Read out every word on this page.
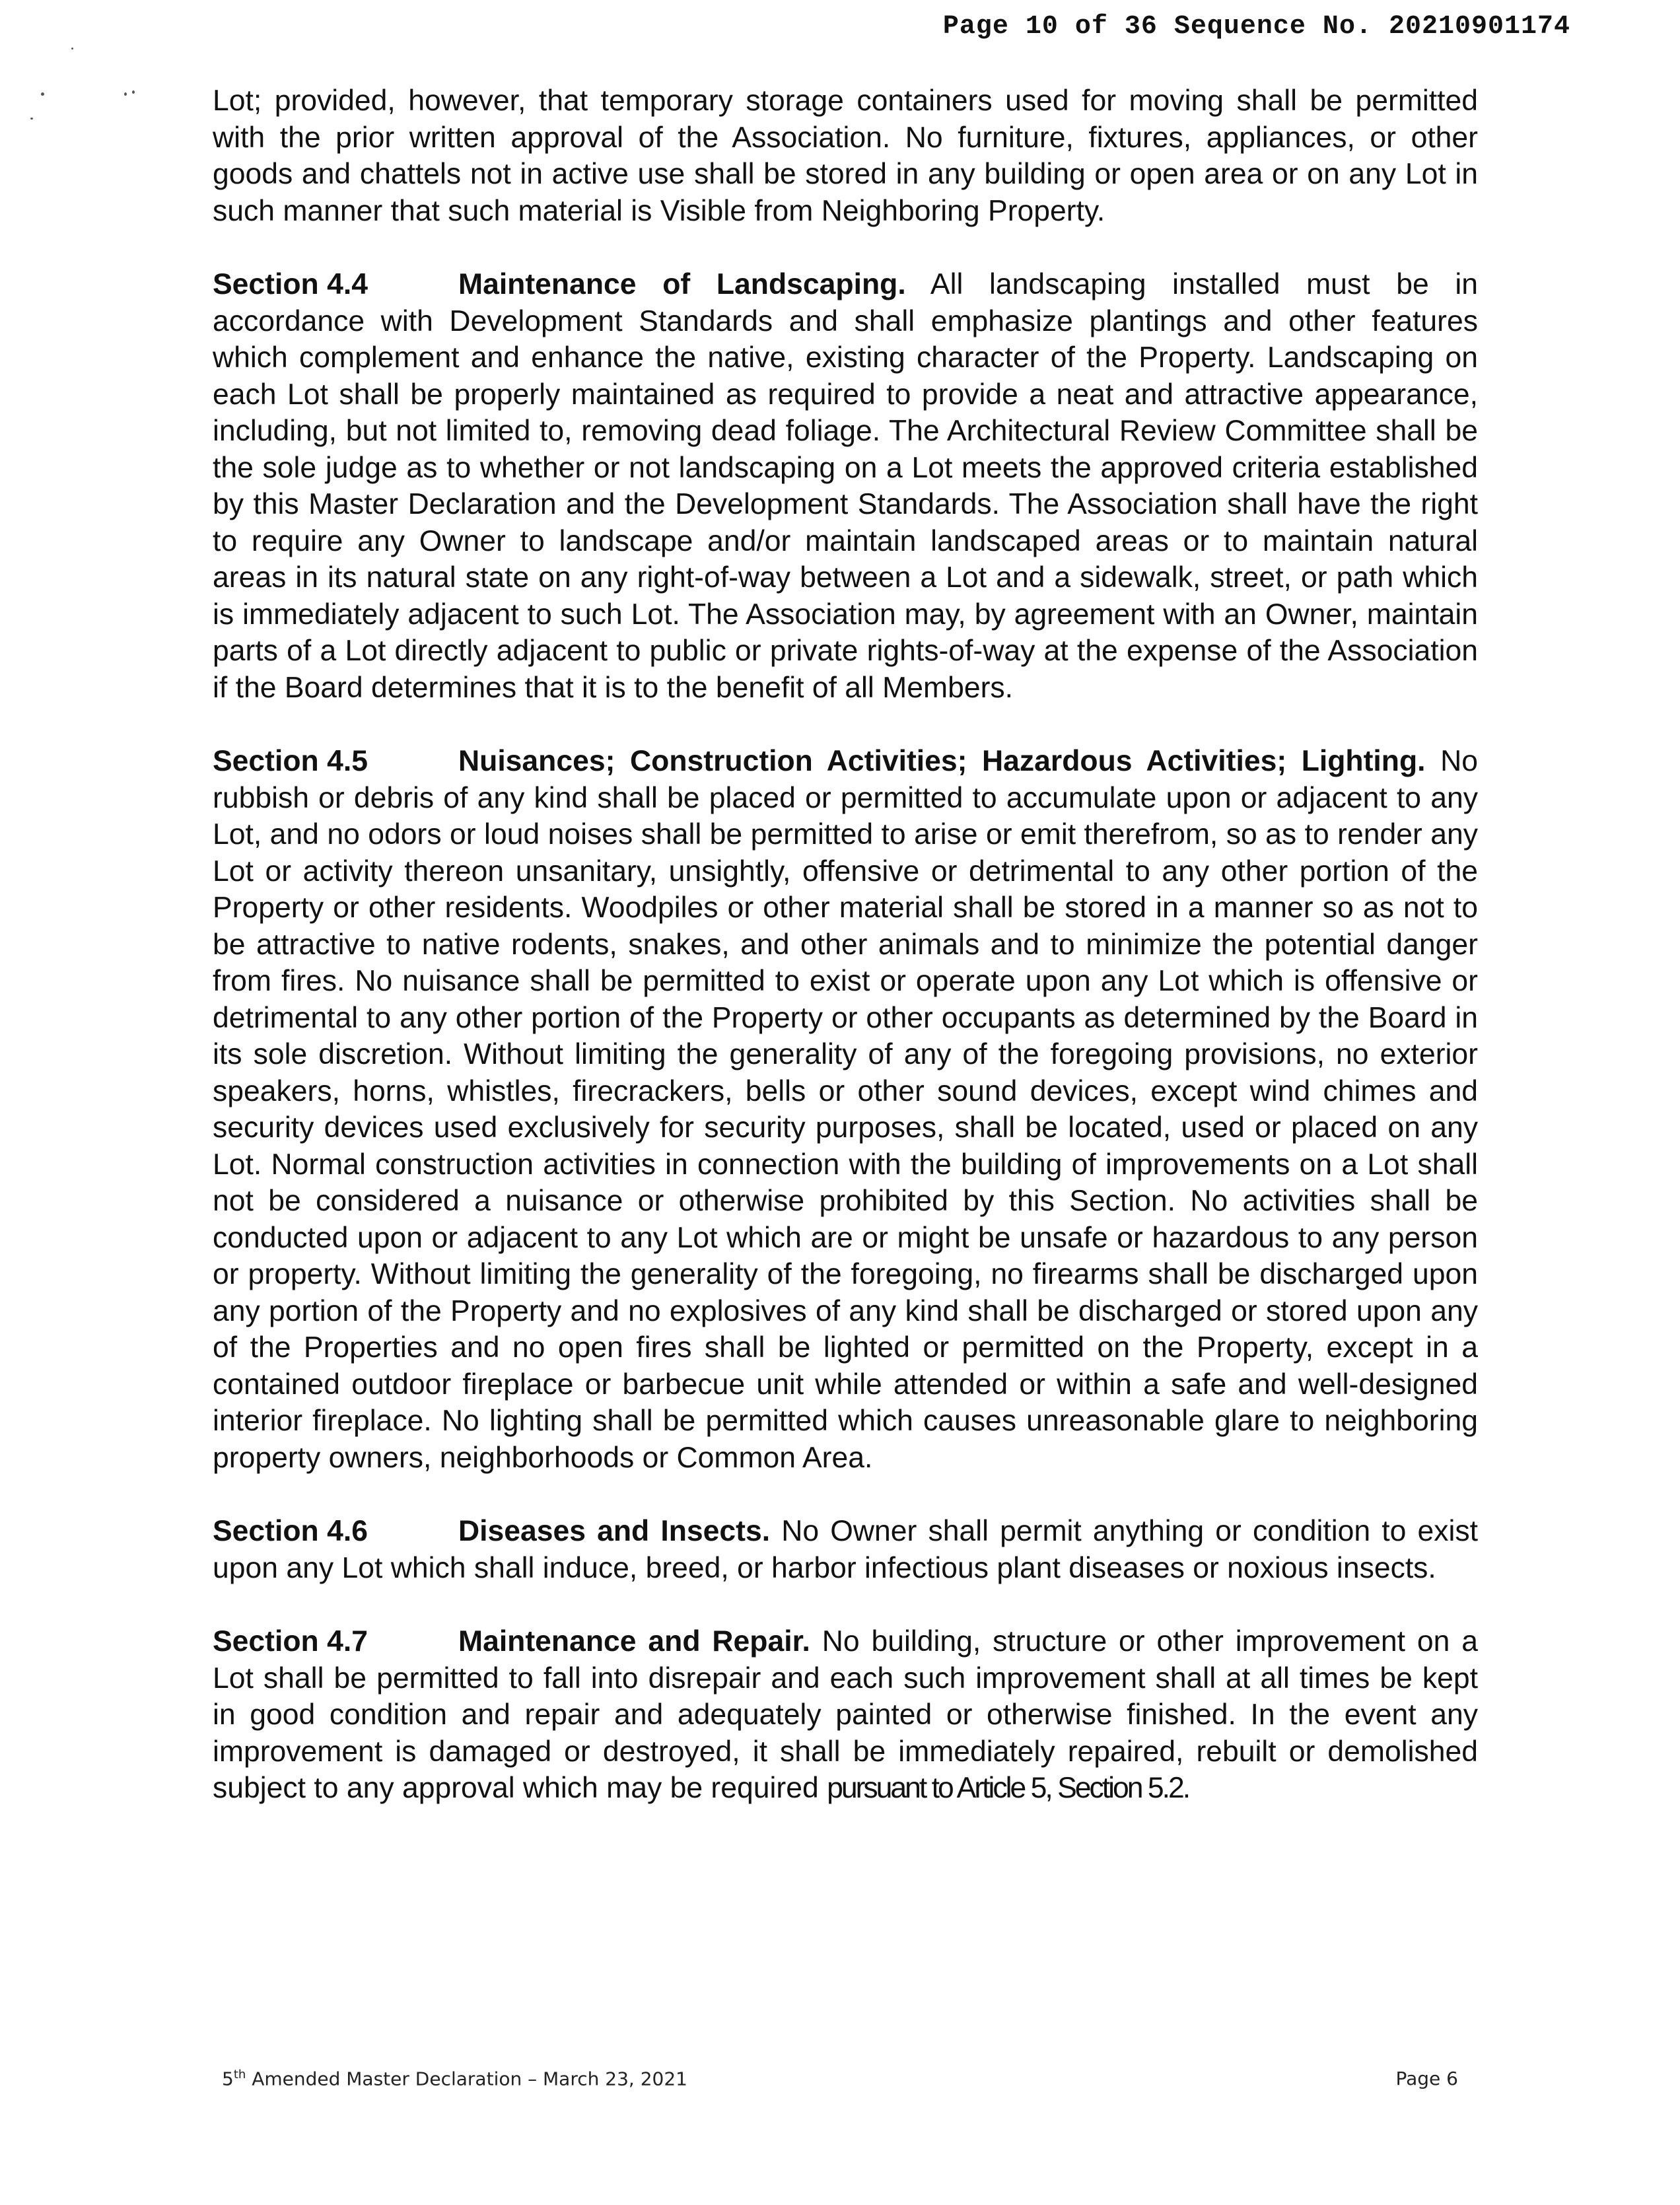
Page 10 of 36 Sequence No. 20210901174

Lot; provided, however, that temporary storage containers used for moving shall be permitted with the prior written approval of the Association. No furniture, fixtures, appliances, or other goods and chattels not in active use shall be stored in any building or open area or on any Lot in such manner that such material is Visible from Neighboring Property.

Section 4.4	Maintenance of Landscaping. All landscaping installed must be in accordance with Development Standards and shall emphasize plantings and other features which complement and enhance the native, existing character of the Property. Landscaping on each Lot shall be properly maintained as required to provide a neat and attractive appearance, including, but not limited to, removing dead foliage. The Architectural Review Committee shall be the sole judge as to whether or not landscaping on a Lot meets the approved criteria established by this Master Declaration and the Development Standards. The Association shall have the right to require any Owner to landscape and/or maintain landscaped areas or to maintain natural areas in its natural state on any right-of-way between a Lot and a sidewalk, street, or path which is immediately adjacent to such Lot. The Association may, by agreement with an Owner, maintain parts of a Lot directly adjacent to public or private rights-of-way at the expense of the Association if the Board determines that it is to the benefit of all Members.

Section 4.5	Nuisances; Construction Activities; Hazardous Activities; Lighting. No rubbish or debris of any kind shall be placed or permitted to accumulate upon or adjacent to any Lot, and no odors or loud noises shall be permitted to arise or emit therefrom, so as to render any Lot or activity thereon unsanitary, unsightly, offensive or detrimental to any other portion of the Property or other residents. Woodpiles or other material shall be stored in a manner so as not to be attractive to native rodents, snakes, and other animals and to minimize the potential danger from fires. No nuisance shall be permitted to exist or operate upon any Lot which is offensive or detrimental to any other portion of the Property or other occupants as determined by the Board in its sole discretion. Without limiting the generality of any of the foregoing provisions, no exterior speakers, horns, whistles, firecrackers, bells or other sound devices, except wind chimes and security devices used exclusively for security purposes, shall be located, used or placed on any Lot. Normal construction activities in connection with the building of improvements on a Lot shall not be considered a nuisance or otherwise prohibited by this Section. No activities shall be conducted upon or adjacent to any Lot which are or might be unsafe or hazardous to any person or property. Without limiting the generality of the foregoing, no firearms shall be discharged upon any portion of the Property and no explosives of any kind shall be discharged or stored upon any of the Properties and no open fires shall be lighted or permitted on the Property, except in a contained outdoor fireplace or barbecue unit while attended or within a safe and well-designed interior fireplace. No lighting shall be permitted which causes unreasonable glare to neighboring property owners, neighborhoods or Common Area.

Section 4.6	Diseases and Insects. No Owner shall permit anything or condition to exist upon any Lot which shall induce, breed, or harbor infectious plant diseases or noxious insects.

Section 4.7	Maintenance and Repair. No building, structure or other improvement on a Lot shall be permitted to fall into disrepair and each such improvement shall at all times be kept in good condition and repair and adequately painted or otherwise finished. In the event any improvement is damaged or destroyed, it shall be immediately repaired, rebuilt or demolished subject to any approval which may be required pursuant to Article 5, Section 5.2.

5th Amended Master Declaration – March 23, 2021	Page 6
